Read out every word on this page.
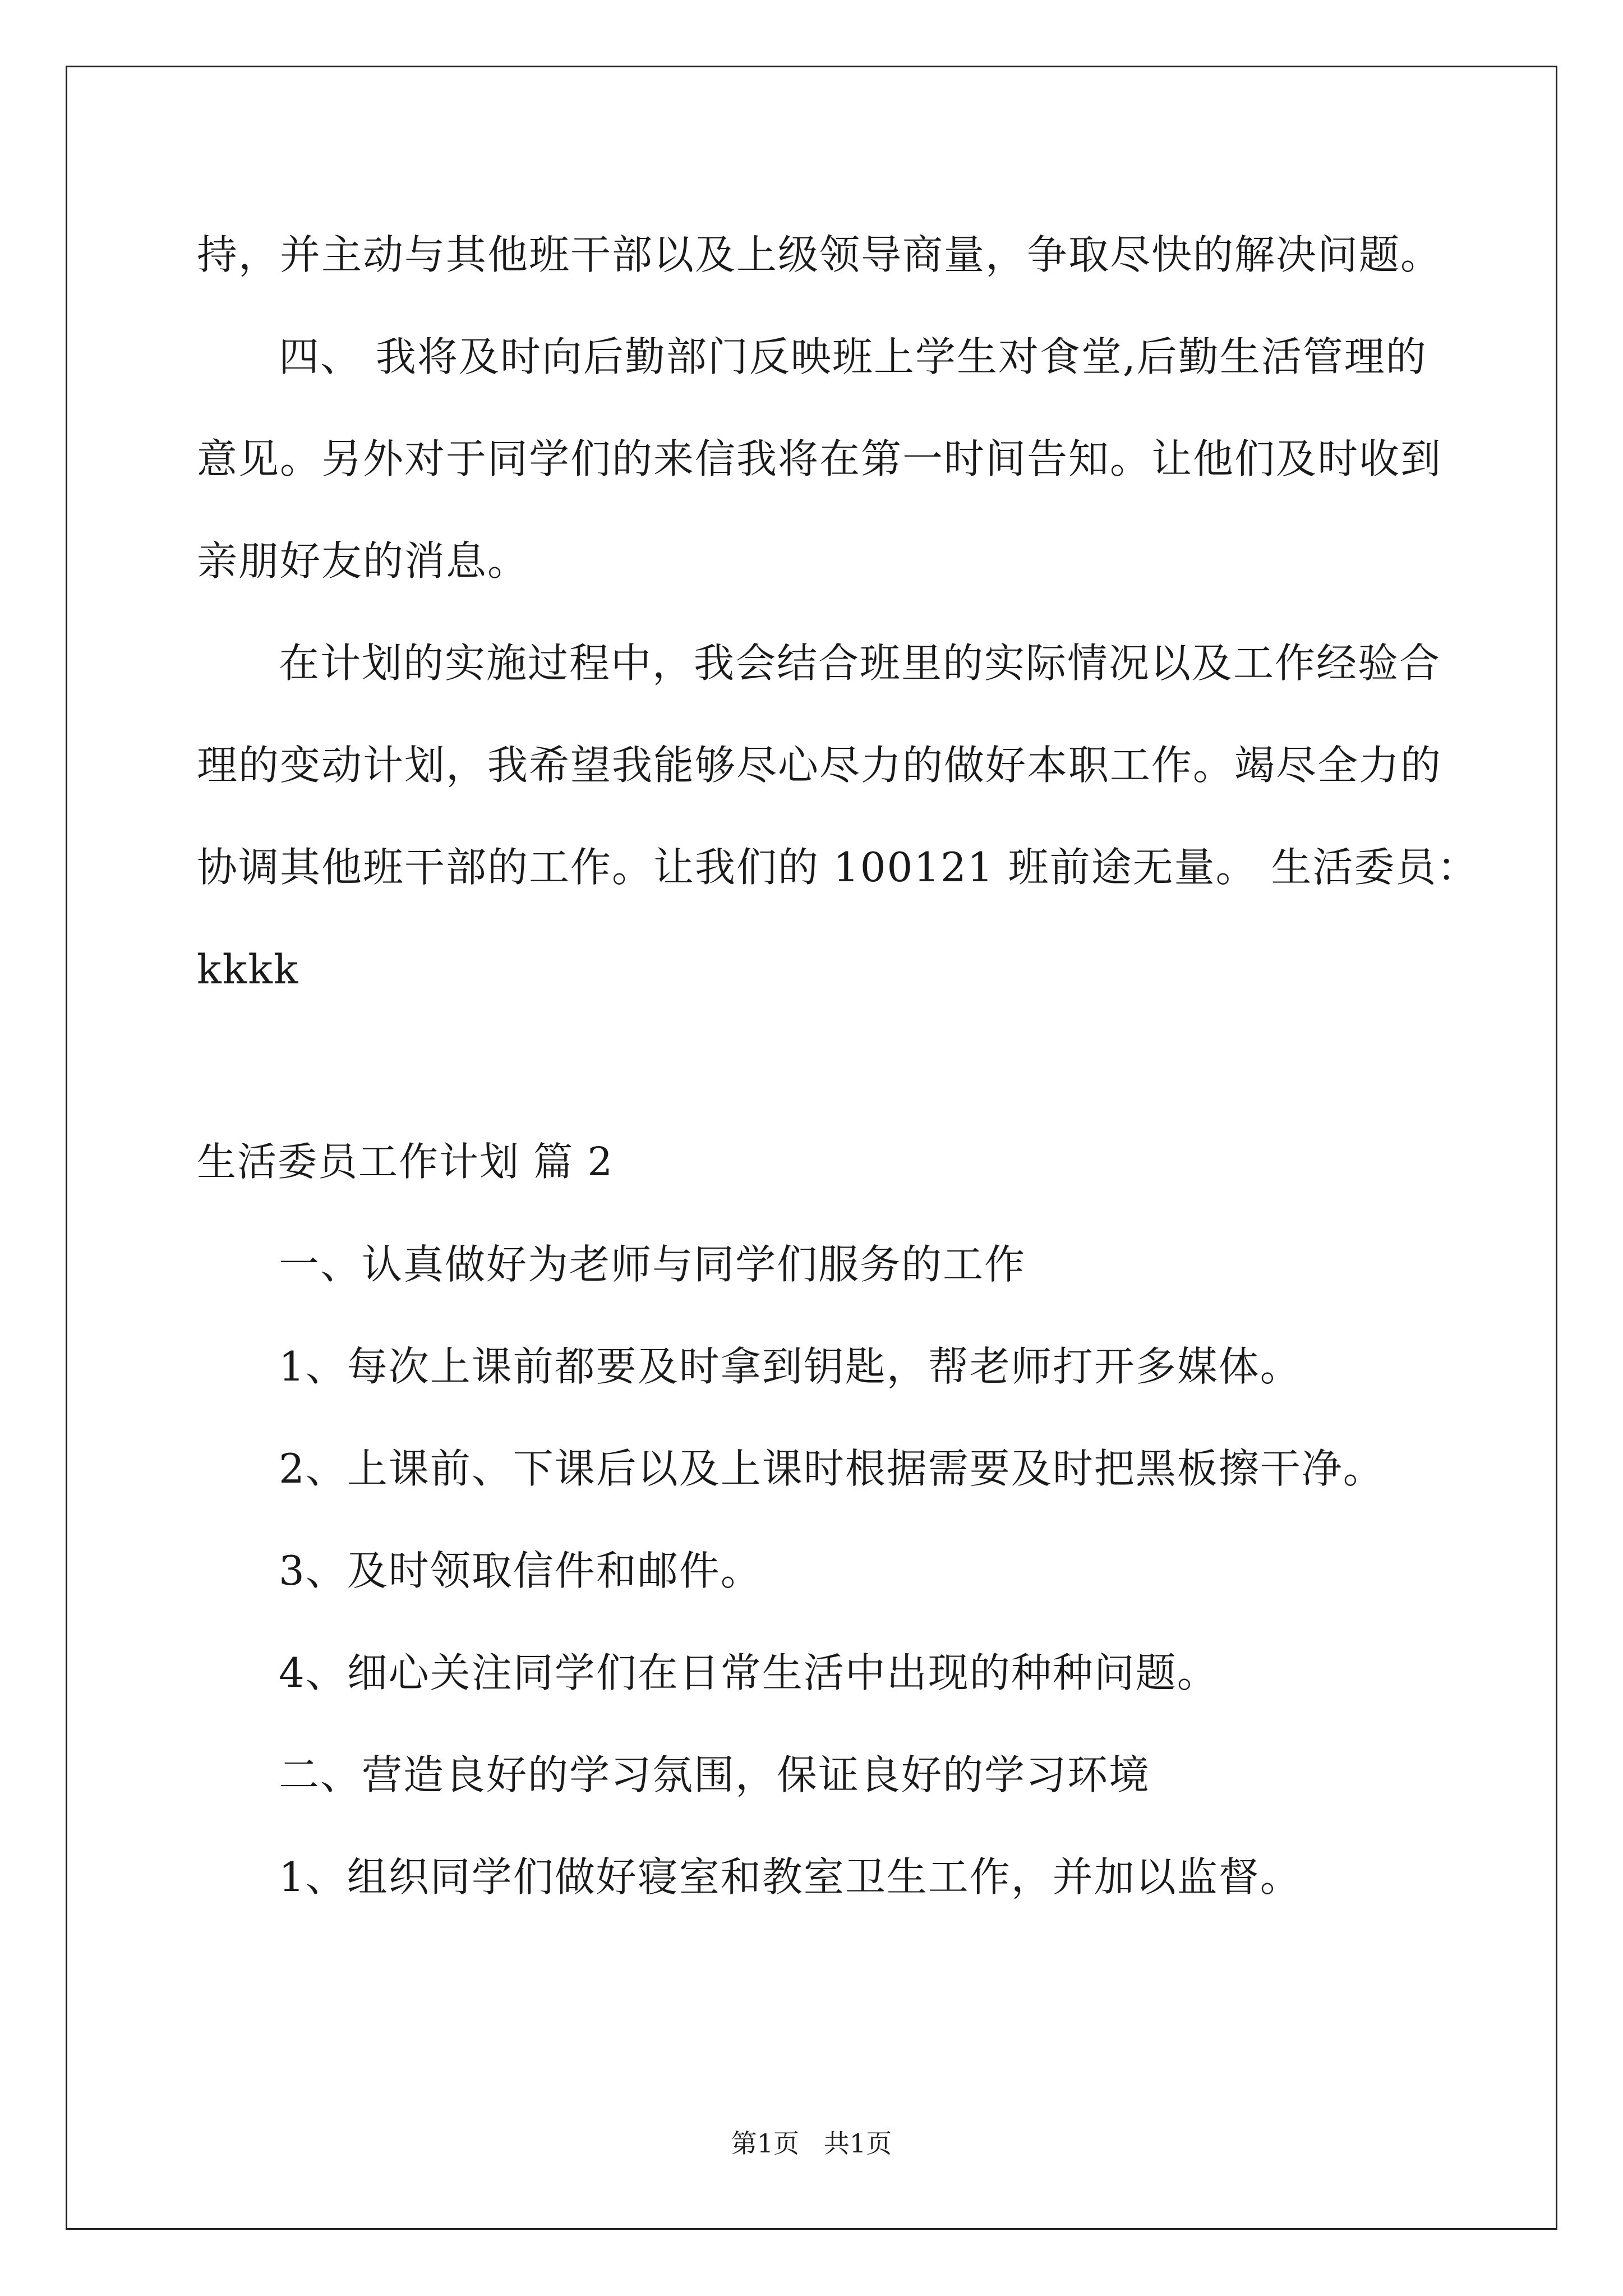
持，并主动与其他班干部以及上级领导商量，争取尽快的解决问题。
四、 我将及时向后勤部门反映班上学生对食堂,后勤生活管理的
意见。另外对于同学们的来信我将在第一时间告知。让他们及时收到
亲朋好友的消息。
在计划的实施过程中，我会结合班里的实际情况以及工作经验合
理的变动计划，我希望我能够尽心尽力的做好本职工作。竭尽全力的
协调其他班干部的工作。让我们的 100121 班前途无量。 生活委员：
kkkk
生活委员工作计划 篇 2
一、认真做好为老师与同学们服务的工作
1、每次上课前都要及时拿到钥匙，帮老师打开多媒体。
2、上课前、下课后以及上课时根据需要及时把黑板擦干净。
3、及时领取信件和邮件。
4、细心关注同学们在日常生活中出现的种种问题。
二、营造良好的学习氛围，保证良好的学习环境
1、组织同学们做好寝室和教室卫生工作，并加以监督。
第1页   共1页
